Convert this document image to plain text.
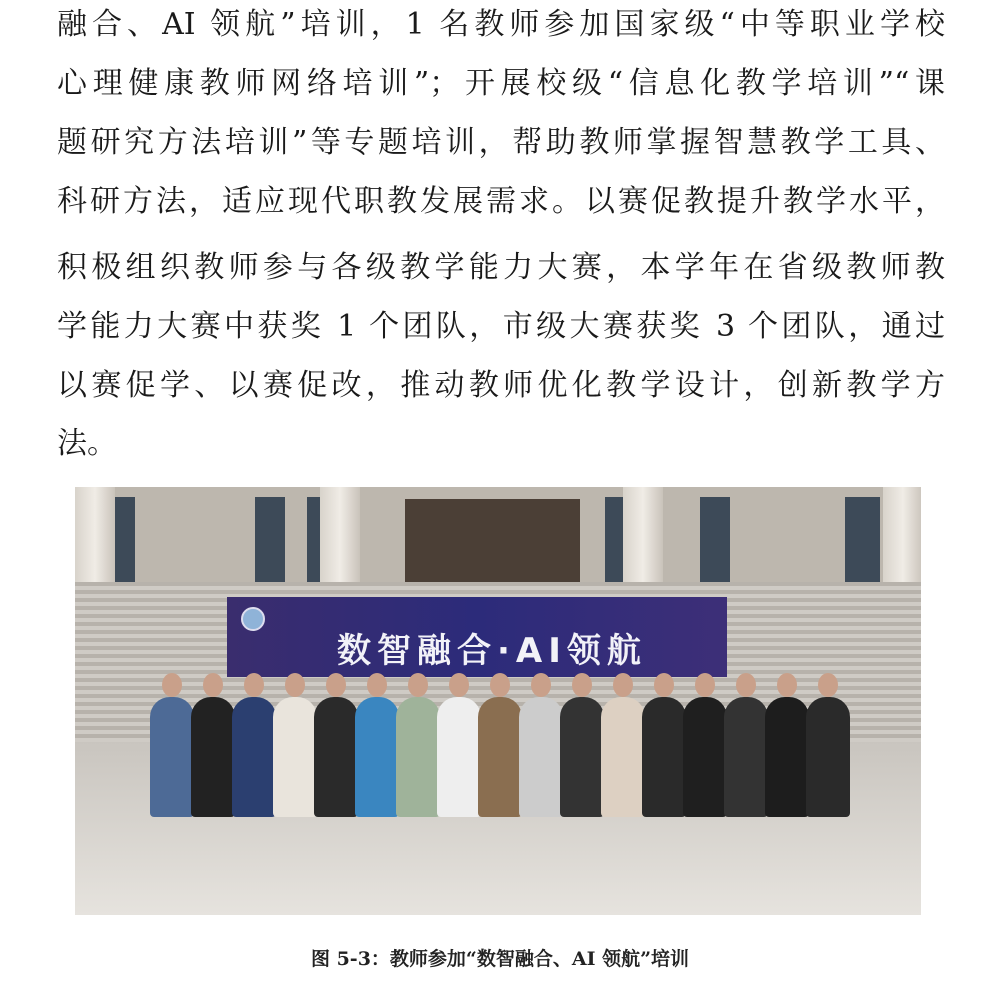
融合、AI 领航”培训，1 名教师参加国家级“中等职业学校
心理健康教师网络培训”；开展校级“信息化教学培训”“课
题研究方法培训”等专题培训，帮助教师掌握智慧教学工具、
科研方法，适应现代职教发展需求。以赛促教提升教学水平，
积极组织教师参与各级教学能力大赛，本学年在省级教师教
学能力大赛中获奖 1 个团队，市级大赛获奖 3 个团队，通过
以赛促学、以赛促改，推动教师优化教学设计，创新教学方
法。
数智融合·AI领航
图 5-3：教师参加“数智融合、AI 领航”培训
